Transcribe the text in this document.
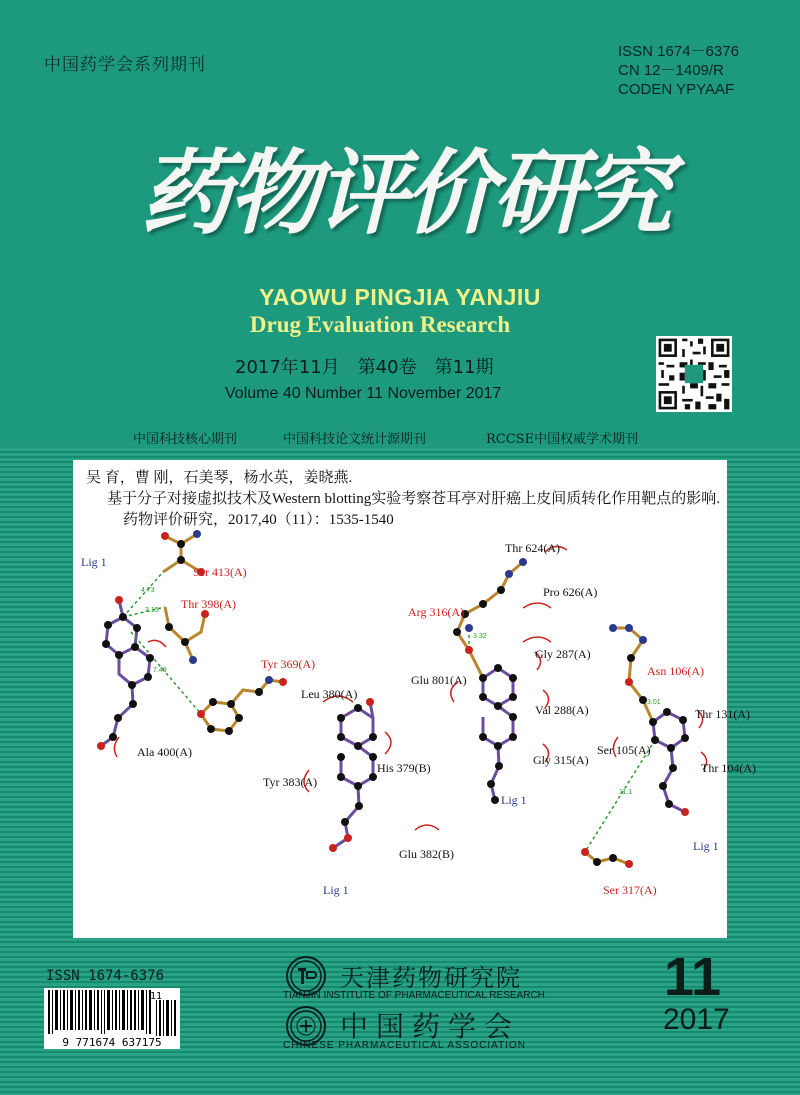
中国药学会系列期刊
ISSN 1674－6376
CN 12－1409/R
CODEN YPYAAF
药物评价研究
YAOWU PINGJIA YANJIU
Drug Evaluation Research
2017年11月　第40卷　第11期
Volume 40 Number 11 November 2017
中国科技核心期刊	中国科技论文统计源期刊	RCCSE中国权威学术期刊
吴 育，曹 刚，石美琴，杨水英，姜晓燕.
基于分子对接虚拟技术及Western blotting实验考察苍耳亭对肝癌上皮间质转化作用靶点的影响.
药物评价研究，2017,40（11）：1535-1540
4.73
3.15
7.49
3.32
3.01
11.1
Ser 413(A)
Thr 398(A)
Tyr 369(A)
Arg 316(A)
Asn 106(A)
Ser 317(A)
Ala 400(A)
Leu 380(A)
His 379(B)
Tyr 383(A)
Glu 382(B)
Thr 624(A)
Pro 626(A)
Gly 287(A)
Glu 801(A)
Val 288(A)
Gly 315(A)
Thr 131(A)
Ser 105(A)
Thr 104(A)
Lig 1
Lig 1
Lig 1
Lig 1
ISSN 1674-6376
11
9 771674 637175
天津药物研究院
TIANJIN INSTITUTE OF PHARMACEUTICAL RESEARCH
中国药学会
CHINESE PHARMACEUTICAL ASSOCIATION
11
2017
